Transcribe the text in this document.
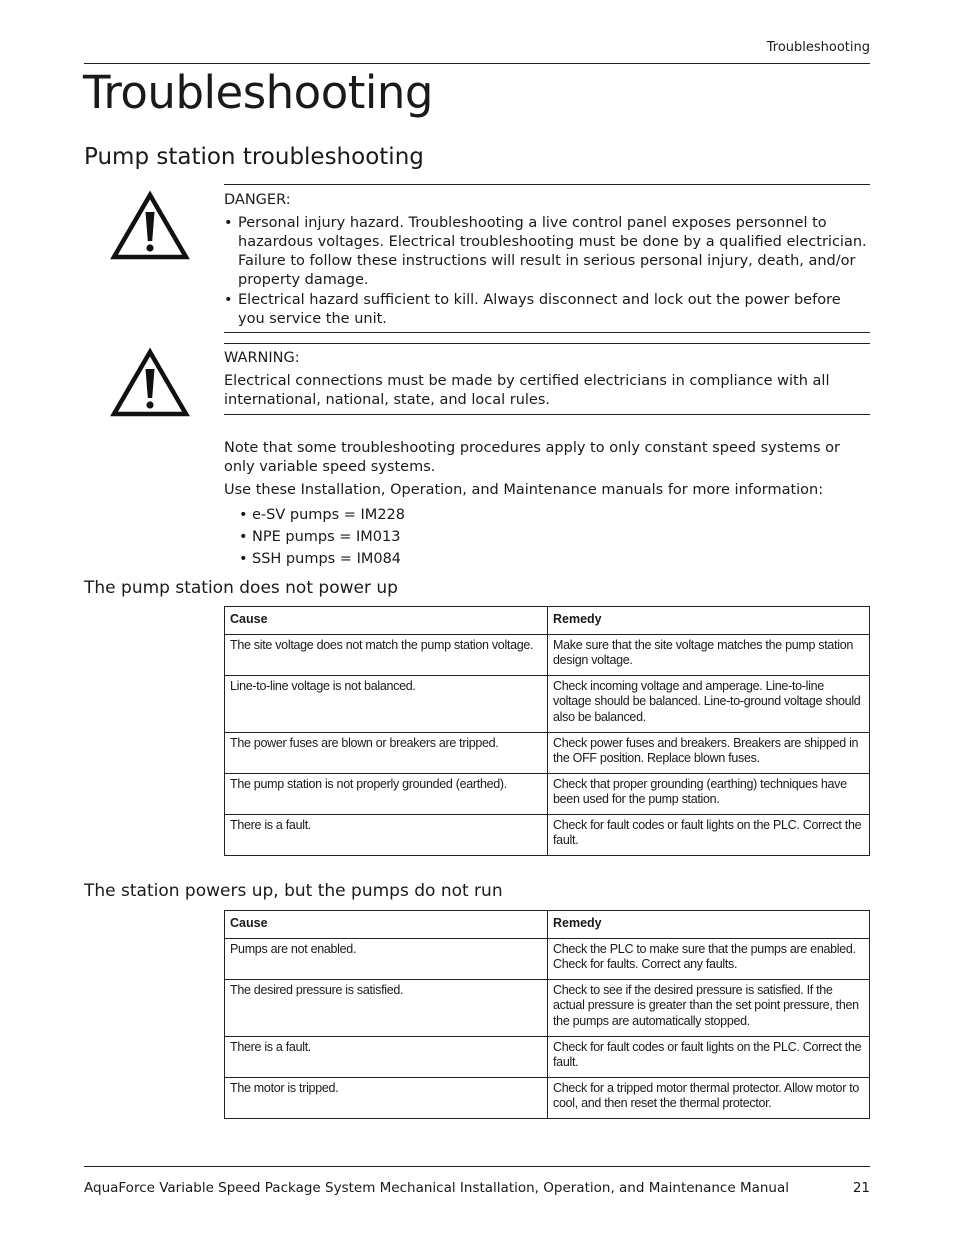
Troubleshooting
Troubleshooting
Pump station troubleshooting
DANGER:
• Personal injury hazard. Troubleshooting a live control panel exposes personnel to hazardous voltages. Electrical troubleshooting must be done by a qualified electrician. Failure to follow these instructions will result in serious personal injury, death, and/or property damage.
• Electrical hazard sufficient to kill. Always disconnect and lock out the power before you service the unit.
WARNING:
Electrical connections must be made by certified electricians in compliance with all international, national, state, and local rules.

Note that some troubleshooting procedures apply to only constant speed systems or only variable speed systems.

Use these Installation, Operation, and Maintenance manuals for more information:

• e-SV pumps = IM228
• NPE pumps = IM013
• SSH pumps = IM084
The pump station does not power up
Cause	Remedy
The site voltage does not match the pump station voltage.	Make sure that the site voltage matches the pump station design voltage.
Line-to-line voltage is not balanced.	Check incoming voltage and amperage. Line-to-line voltage should be balanced. Line-to-ground voltage should also be balanced.
The power fuses are blown or breakers are tripped.	Check power fuses and breakers. Breakers are shipped in the OFF position. Replace blown fuses.
The pump station is not properly grounded (earthed).	Check that proper grounding (earthing) techniques have been used for the pump station.
There is a fault.	Check for fault codes or fault lights on the PLC. Correct the fault.
The station powers up, but the pumps do not run
Cause	Remedy
Pumps are not enabled.	Check the PLC to make sure that the pumps are enabled. Check for faults. Correct any faults.
The desired pressure is satisfied.	Check to see if the desired pressure is satisfied. If the actual pressure is greater than the set point pressure, then the pumps are automatically stopped.
There is a fault.	Check for fault codes or fault lights on the PLC. Correct the fault.
The motor is tripped.	Check for a tripped motor thermal protector. Allow motor to cool, and then reset the thermal protector.
AquaForce Variable Speed Package System Mechanical Installation, Operation, and Maintenance Manual	21
